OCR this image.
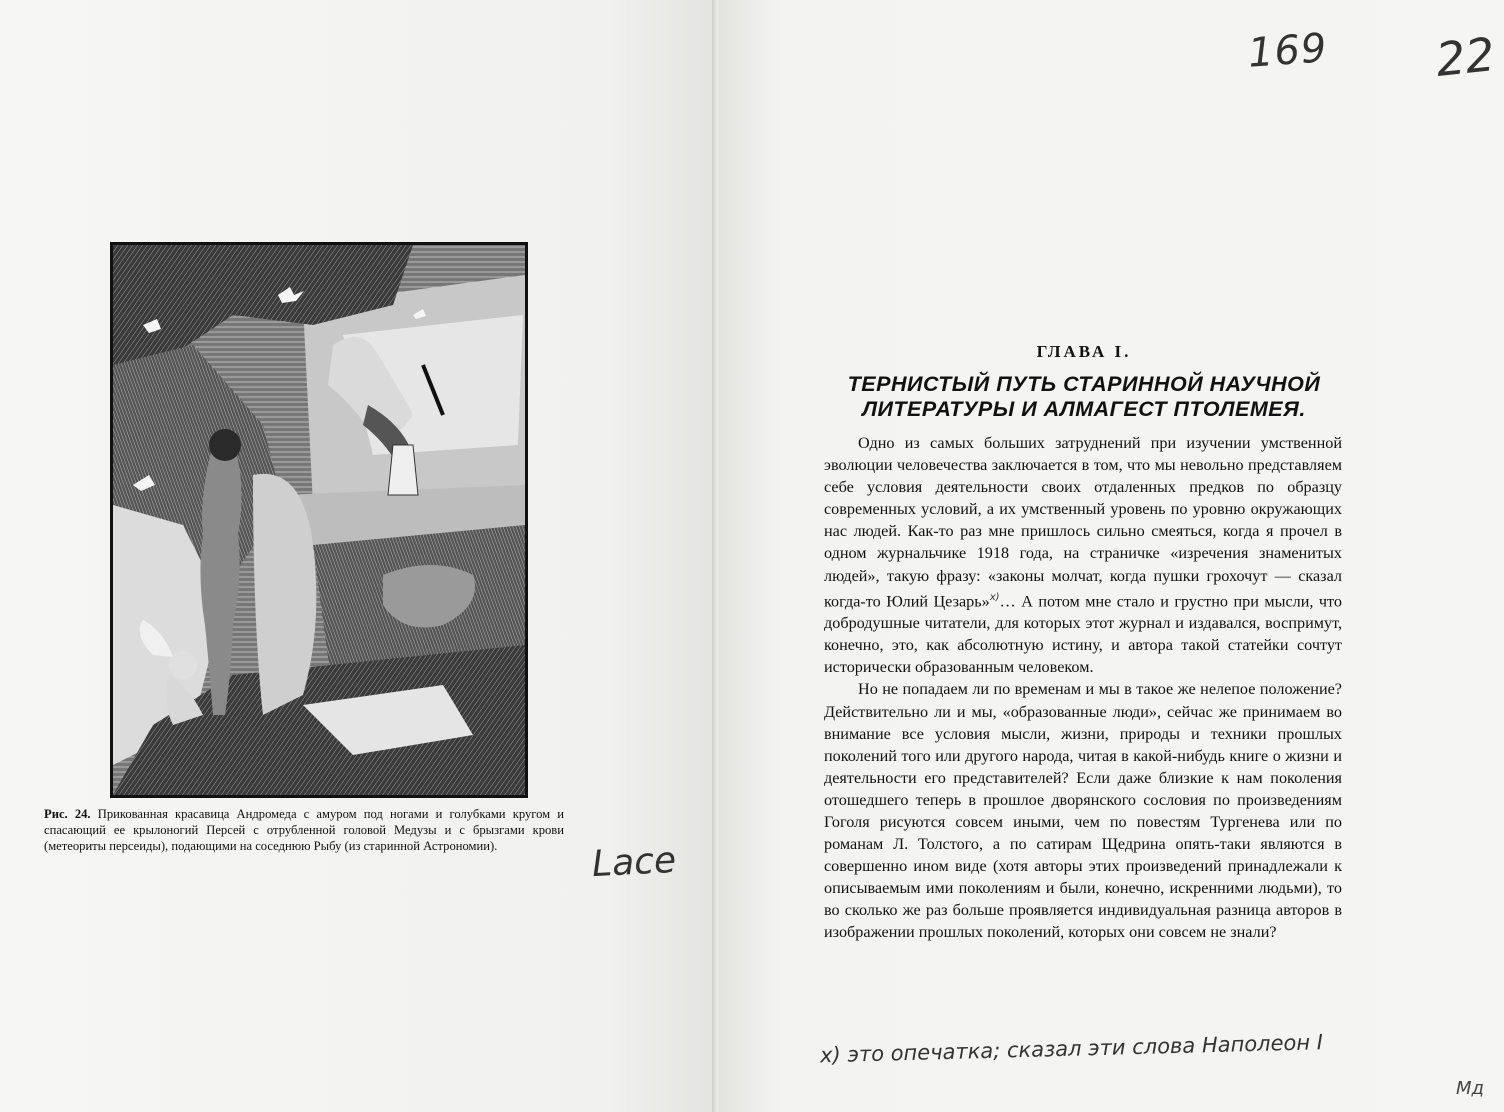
Рис. 24. Прикованная красавица Андромеда с амуром под ногами и голубками кругом и спасающий ее крылоногий Персей с отрубленной головой Медузы и с брызгами крови (метеориты персеиды), подающими на соседнюю Рыбу (из старинной Астрономии).
169 22
Lace
ГЛАВА I.
ТЕРНИСТЫЙ ПУТЬ СТАРИННОЙ НАУЧНОЙ
ЛИТЕРАТУРЫ И АЛМАГЕСТ ПТОЛЕМЕЯ.

Одно из самых больших затруднений при изучении умственной эволюции человечества заключается в том, что мы невольно представляем себе условия деятельности своих отдаленных предков по образцу современных условий, а их умственный уровень по уровню окружающих нас людей. Как-то раз мне пришлось сильно смеяться, когда я прочел в одном журнальчике 1918 года, на страничке «изречения знаменитых людей», такую фразу: «законы молчат, когда пушки грохочут — сказал когда-то Юлий Цезарь»$^{x)}$… А потом мне стало и грустно при мысли, что добродушные читатели, для которых этот журнал и издавался, воспримут, конечно, это, как абсолютную истину, и автора такой статейки сочтут исторически образованным человеком.

Но не попадаем ли по временам и мы в такое же нелепое положение? Действительно ли и мы, «образованные люди», сейчас же принимаем во внимание все условия мысли, жизни, природы и техники прошлых поколений того или другого народа, читая в какой-нибудь книге о жизни и деятельности его представителей? Если даже близкие к нам поколения отошедшего теперь в прошлое дворянского сословия по произведениям Гоголя рисуются совсем иными, чем по повестям Тургенева или по романам Л. Толстого, а по сатирам Щедрина опять-таки являются в совершенно ином виде (хотя авторы этих произведений принадлежали к описываемым ими поколениям и были, конечно, искренними людьми), то во сколько же раз больше проявляется индивидуальная разница авторов в изображении прошлых поколений, которых они совсем не знали?

x) это опечатка; сказал эти слова Наполеон I
Мд
